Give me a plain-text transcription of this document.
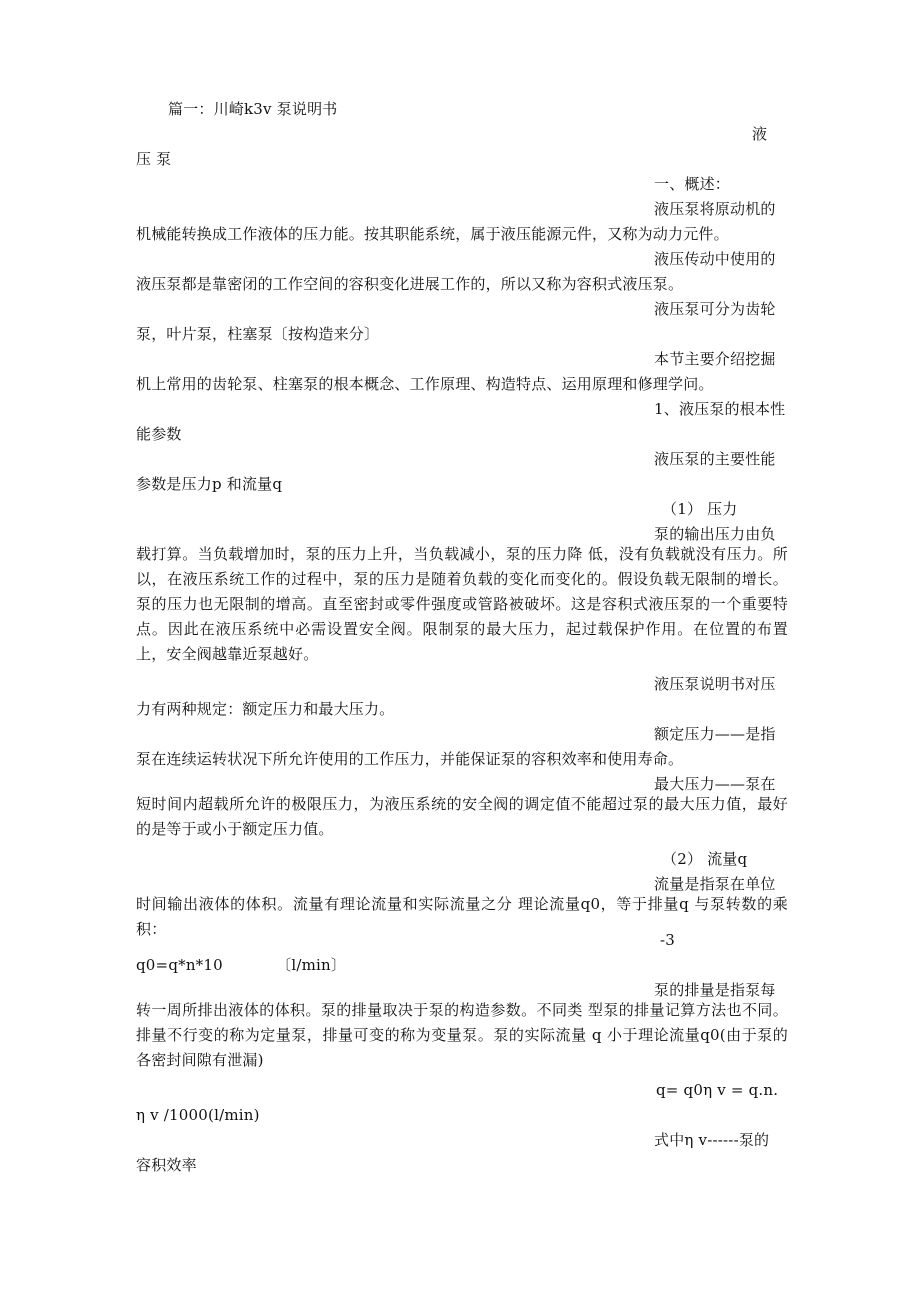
篇一：川崎k3v 泵说明书
液
压 泵
一、概述：
液压泵将原动机的
机械能转换成工作液体的压力能。按其职能系统，属于液压能源元件，又称为动力元件。
液压传动中使用的
液压泵都是靠密闭的工作空间的容积变化进展工作的，所以又称为容积式液压泵。
液压泵可分为齿轮
泵，叶片泵，柱塞泵〔按构造来分〕
本节主要介绍挖掘
机上常用的齿轮泵、柱塞泵的根本概念、工作原理、构造特点、运用原理和修理学问。
1、液压泵的根本性
能参数
液压泵的主要性能
参数是压力p 和流量q
（1） 压力
泵的输出压力由负
载打算。当负载增加时，泵的压力上升，当负载减小，泵的压力降 低，没有负载就没有压力。所以，在液压系统工作的过程中，泵的压力是随着负载的变化而变化的。假设负载无限制的增长。泵的压力也无限制的增高。直至密封或零件强度或管路被破坏。这是容积式液压泵的一个重要特点。因此在液压系统中必需设置安全阀。限制泵的最大压力，起过载保护作用。在位置的布置上，安全阀越靠近泵越好。
液压泵说明书对压
力有两种规定：额定压力和最大压力。
额定压力——是指
泵在连续运转状况下所允许使用的工作压力，并能保证泵的容积效率和使用寿命。
最大压力——泵在
短时间内超载所允许的极限压力，为液压系统的安全阀的调定值不能超过泵的最大压力值，最好的是等于或小于额定压力值。
（2） 流量q
流量是指泵在单位
时间输出液体的体积。流量有理论流量和实际流量之分 理论流量q0，等于排量q 与泵转数的乘积：
-3
q0=q*n*10　　　　〔l/min〕
泵的排量是指泵每
转一周所排出液体的体积。泵的排量取决于泵的构造参数。不同类 型泵的排量记算方法也不同。排量不行变的称为定量泵，排量可变的称为变量泵。泵的实际流量 q 小于理论流量q0(由于泵的各密封间隙有泄漏)
q= q0η v = q.n.
η v /1000(l/min)
式中η v------泵的
容积效率
